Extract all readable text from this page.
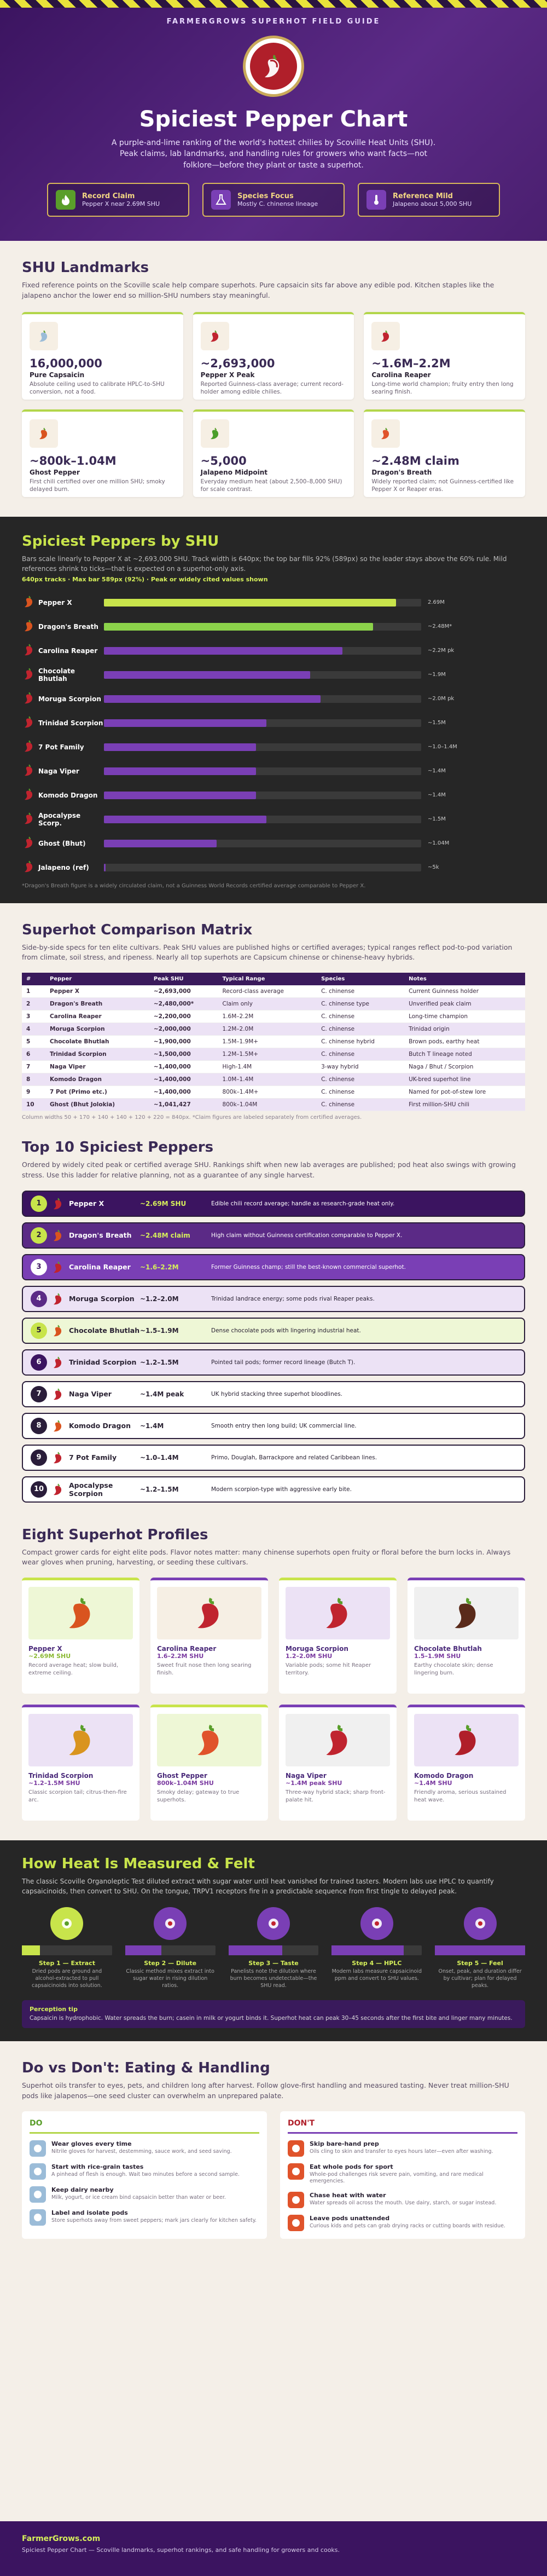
FARMERGROWS SUPERHOT FIELD GUIDE
Spiciest Pepper Chart

A purple-and-lime ranking of the world's hottest chilies by Scoville Heat Units (SHU). Peak claims, lab landmarks, and handling rules for growers who want facts—not folklore—before they plant or taste a superhot.

Record Claim
Pepper X near 2.69M SHU
Species Focus
Mostly C. chinense lineage
Reference Mild
Jalapeno about 5,000 SHU
SHU Landmarks

Fixed reference points on the Scoville scale help compare superhots. Pure capsaicin sits far above any edible pod. Kitchen staples like the jalapeno anchor the lower end so million-SHU numbers stay meaningful.

16,000,000
Pure Capsaicin
Absolute ceiling used to calibrate HPLC-to-SHU conversion, not a food.
~2,693,000
Pepper X Peak
Reported Guinness-class average; current record-holder among edible chilies.
~1.6M–2.2M
Carolina Reaper
Long-time world champion; fruity entry then long searing finish.
~800k–1.04M
Ghost Pepper
First chili certified over one million SHU; smoky delayed burn.
~5,000
Jalapeno Midpoint
Everyday medium heat (about 2,500–8,000 SHU) for scale contrast.
~2.48M claim
Dragon's Breath
Widely reported claim; not Guinness-certified like Pepper X or Reaper eras.
Spiciest Peppers by SHU

Bars scale linearly to Pepper X at ~2,693,000 SHU. Track width is 640px; the top bar fills 92% (589px) so the leader stays above the 60% rule. Mild references shrink to ticks—that is expected on a superhot-only axis.

640px tracks · Max bar 589px (92%) · Peak or widely cited values shown

Pepper X	2.69M
Dragon's Breath	~2.48M*
Carolina Reaper	~2.2M pk
Chocolate Bhutlah	~1.9M
Moruga Scorpion	~2.0M pk
Trinidad Scorpion	~1.5M
7 Pot Family	~1.0–1.4M
Naga Viper	~1.4M
Komodo Dragon	~1.4M
Apocalypse Scorp.	~1.5M
Ghost (Bhut)	~1.04M
Jalapeno (ref)	~5k

*Dragon's Breath figure is a widely circulated claim, not a Guinness World Records certified average comparable to Pepper X.

Superhot Comparison Matrix

Side-by-side specs for ten elite cultivars. Peak SHU values are published highs or certified averages; typical ranges reflect pod-to-pod variation from climate, soil stress, and ripeness. Nearly all top superhots are Capsicum chinense or chinense-heavy hybrids.

#	Pepper	Peak SHU	Typical Range	Species	Notes
1	Pepper X	~2,693,000	Record-class average	C. chinense	Current Guinness holder
2	Dragon's Breath	~2,480,000*	Claim only	C. chinense type	Unverified peak claim
3	Carolina Reaper	~2,200,000	1.6M–2.2M	C. chinense	Long-time champion
4	Moruga Scorpion	~2,000,000	1.2M–2.0M	C. chinense	Trinidad origin
5	Chocolate Bhutlah	~1,900,000	1.5M–1.9M+	C. chinense hybrid	Brown pods, earthy heat
6	Trinidad Scorpion	~1,500,000	1.2M–1.5M+	C. chinense	Butch T lineage noted
7	Naga Viper	~1,400,000	High-1.4M	3-way hybrid	Naga / Bhut / Scorpion
8	Komodo Dragon	~1,400,000	1.0M–1.4M	C. chinense	UK-bred superhot line
9	7 Pot (Primo etc.)	~1,400,000	800k–1.4M+	C. chinense	Named for pot-of-stew lore
10	Ghost (Bhut Jolokia)	~1,041,427	800k–1.04M	C. chinense	First million-SHU chili

Column widths 50 + 170 + 140 + 140 + 120 + 220 = 840px. *Claim figures are labeled separately from certified averages.

Top 10 Spiciest Peppers

Ordered by widely cited peak or certified average SHU. Rankings shift when new lab averages are published; pod heat also swings with growing stress. Use this ladder for relative planning, not as a guarantee of any single harvest.

1	Pepper X	~2.69M SHU	Edible chili record average; handle as research-grade heat only.
2	Dragon's Breath	~2.48M claim	High claim without Guinness certification comparable to Pepper X.
3	Carolina Reaper	~1.6–2.2M	Former Guinness champ; still the best-known commercial superhot.
4	Moruga Scorpion ~1.2–2.0M	Trinidad landrace energy; some pods rival Reaper peaks.
5	Chocolate Bhutlah ~1.5–1.9M	Dense chocolate pods with lingering industrial heat.
6	Trinidad Scorpion ~1.2–1.5M	Pointed tail pods; former record lineage (Butch T).
7	Naga Viper	~1.4M peak	UK hybrid stacking three superhot bloodlines.
8	Komodo Dragon	~1.4M	Smooth entry then long build; UK commercial line.
9	7 Pot Family	~1.0–1.4M	Primo, Douglah, Barrackpore and related Caribbean lines.
10	Apocalypse Scorpion	~1.2–1.5M	Modern scorpion-type with aggressive early bite.
Eight Superhot Profiles

Compact grower cards for eight elite pods. Flavor notes matter: many chinense superhots open fruity or floral before the burn locks in. Always wear gloves when pruning, harvesting, or seeding these cultivars.

Pepper X
~2.69M SHU
Record average heat; slow build, extreme ceiling.
Carolina Reaper
1.6–2.2M SHU
Sweet fruit nose then long searing finish.
Moruga Scorpion
1.2–2.0M SHU
Variable pods; some hit Reaper territory.
Chocolate Bhutlah
1.5–1.9M SHU
Earthy chocolate skin; dense lingering burn.
Trinidad Scorpion
~1.2–1.5M SHU
Classic scorpion tail; citrus-then-fire arc.
Ghost Pepper
800k–1.04M SHU
Smoky delay; gateway to true superhots.
Naga Viper
~1.4M peak SHU
Three-way hybrid stack; sharp front-palate hit.
Komodo Dragon
~1.4M SHU
Friendly aroma, serious sustained heat wave.
How Heat Is Measured & Felt

The classic Scoville Organoleptic Test diluted extract with sugar water until heat vanished for trained tasters. Modern labs use HPLC to quantify capsaicinoids, then convert to SHU. On the tongue, TRPV1 receptors fire in a predictable sequence from first tingle to delayed peak.

Step 1 — Extract
Dried pods are ground and alcohol-extracted to pull capsaicinoids into solution.
Step 2 — Dilute
Classic method mixes extract into sugar water in rising dilution ratios.
Step 3 — Taste
Panelists note the dilution where burn becomes undetectable—the SHU read.
Step 4 — HPLC
Modern labs measure capsaicinoid ppm and convert to SHU values.
Step 5 — Feel
Onset, peak, and duration differ by cultivar; plan for delayed peaks.
Perception tip
Capsaicin is hydrophobic. Water spreads the burn; casein in milk or yogurt binds it. Superhot heat can peak 30–45 seconds after the first bite and linger many minutes.
Do vs Don't: Eating & Handling

Superhot oils transfer to eyes, pets, and children long after harvest. Follow glove-first handling and measured tasting. Never treat million-SHU pods like jalapenos—one seed cluster can overwhelm an unprepared palate.

DO
Wear gloves every time
Nitrile gloves for harvest, destemming, sauce work, and seed saving.
Start with rice-grain tastes
A pinhead of flesh is enough. Wait two minutes before a second sample.
Keep dairy nearby
Milk, yogurt, or ice cream bind capsaicin better than water or beer.
Label and isolate pods
Store superhots away from sweet peppers; mark jars clearly for kitchen safety.
DON'T
Skip bare-hand prep
Oils cling to skin and transfer to eyes hours later—even after washing.
Eat whole pods for sport
Whole-pod challenges risk severe pain, vomiting, and rare medical emergencies.
Chase heat with water
Water spreads oil across the mouth. Use dairy, starch, or sugar instead.
Leave pods unattended
Curious kids and pets can grab drying racks or cutting boards with residue.
FarmerGrows.com
Spiciest Pepper Chart — Scoville landmarks, superhot rankings, and safe handling for growers and cooks.
